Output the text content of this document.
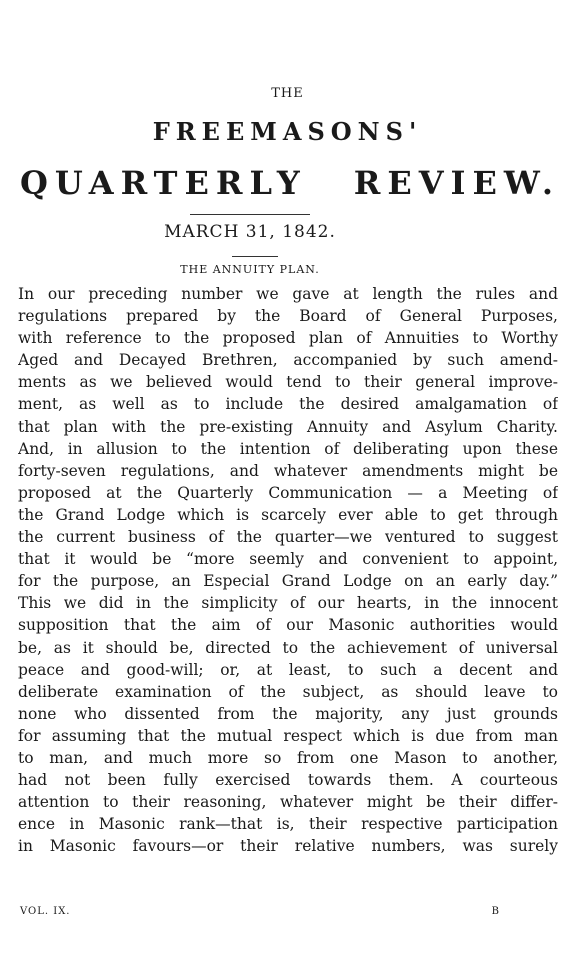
THE
FREEMASONS'
QUARTERLY REVIEW.
MARCH 31, 1842.
THE ANNUITY PLAN.
In our preceding number we gave at length the rules and
regulations prepared by the Board of General Purposes,
with reference to the proposed plan of Annuities to Worthy
Aged and Decayed Brethren, accompanied by such amend-
ments as we believed would tend to their general improve-
ment, as well as to include the desired amalgamation of
that plan with the pre-existing Annuity and Asylum Charity.
And, in allusion to the intention of deliberating upon these
forty-seven regulations, and whatever amendments might be
proposed at the Quarterly Communication — a Meeting of
the Grand Lodge which is scarcely ever able to get through
the current business of the quarter—we ventured to suggest
that it would be “more seemly and convenient to appoint,
for the purpose, an Especial Grand Lodge on an early day.”
This we did in the simplicity of our hearts, in the innocent
supposition that the aim of our Masonic authorities would
be, as it should be, directed to the achievement of universal
peace and good-will; or, at least, to such a decent and
deliberate examination of the subject, as should leave to
none who dissented from the majority, any just grounds
for assuming that the mutual respect which is due from man
to man, and much more so from one Mason to another,
had not been fully exercised towards them. A courteous
attention to their reasoning, whatever might be their differ-
ence in Masonic rank—that is, their respective participation
in Masonic favours—or their relative numbers, was surely
VOL. IX.	B
